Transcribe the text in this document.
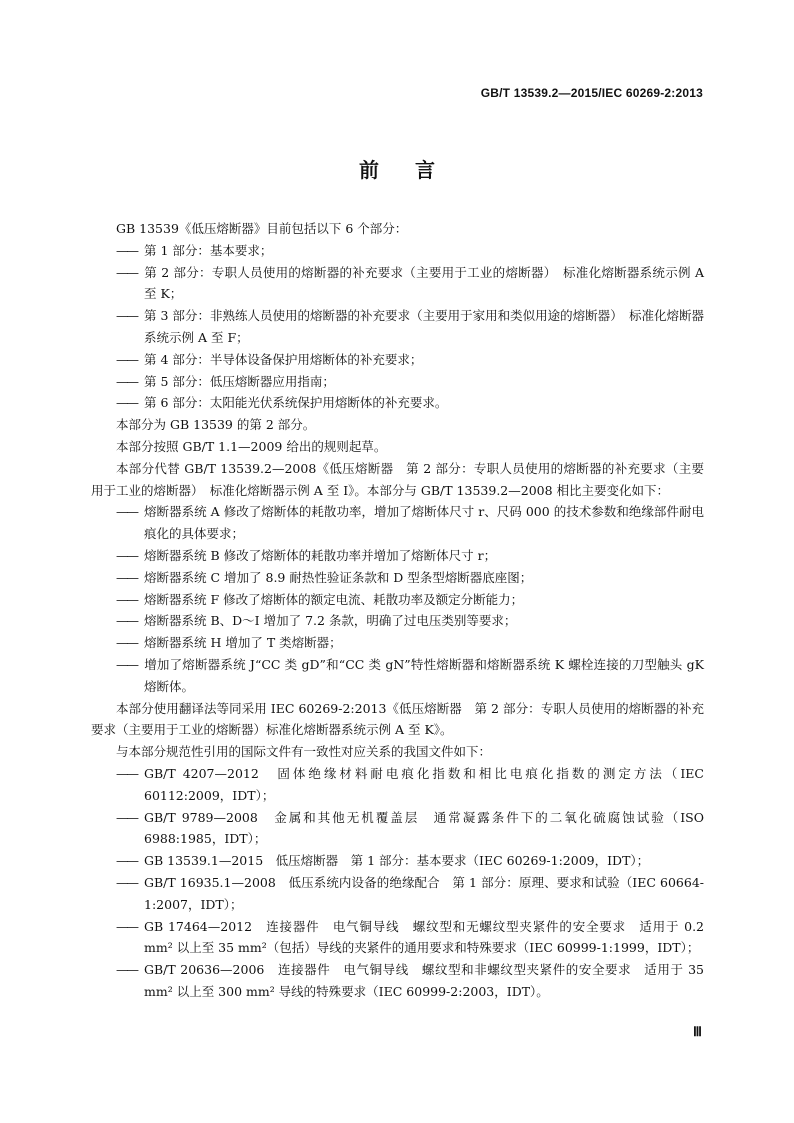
GB/T 13539.2—2015/IEC 60269-2:2013
前言

GB 13539《低压熔断器》目前包括以下 6 个部分：

—— 第 1 部分：基本要求；

—— 第 2 部分：专职人员使用的熔断器的补充要求（主要用于工业的熔断器）　标准化熔断器系统示例 A 至 K；

—— 第 3 部分：非熟练人员使用的熔断器的补充要求（主要用于家用和类似用途的熔断器）　标准化熔断器系统示例 A 至 F；

—— 第 4 部分：半导体设备保护用熔断体的补充要求；

—— 第 5 部分：低压熔断器应用指南；

—— 第 6 部分：太阳能光伏系统保护用熔断体的补充要求。

本部分为 GB 13539 的第 2 部分。

本部分按照 GB/T 1.1—2009 给出的规则起草。

本部分代替 GB/T 13539.2—2008《低压熔断器　第 2 部分：专职人员使用的熔断器的补充要求（主要用于工业的熔断器）　标准化熔断器示例 A 至 I》。本部分与 GB/T 13539.2—2008 相比主要变化如下：

—— 熔断器系统 A 修改了熔断体的耗散功率，增加了熔断体尺寸 r、尺码 000 的技术参数和绝缘部件耐电痕化的具体要求；

—— 熔断器系统 B 修改了熔断体的耗散功率并增加了熔断体尺寸 r；

—— 熔断器系统 C 增加了 8.9 耐热性验证条款和 D 型条型熔断器底座图；

—— 熔断器系统 F 修改了熔断体的额定电流、耗散功率及额定分断能力；

—— 熔断器系统 B、D～I 增加了 7.2 条款，明确了过电压类别等要求；

—— 熔断器系统 H 增加了 T 类熔断器；

—— 增加了熔断器系统 J“CC 类 gD”和“CC 类 gN”特性熔断器和熔断器系统 K 螺栓连接的刀型触头 gK 熔断体。

本部分使用翻译法等同采用 IEC 60269-2:2013《低压熔断器　第 2 部分：专职人员使用的熔断器的补充要求（主要用于工业的熔断器）标准化熔断器系统示例 A 至 K》。

与本部分规范性引用的国际文件有一致性对应关系的我国文件如下：

—— GB/T 4207—2012　固体绝缘材料耐电痕化指数和相比电痕化指数的测定方法（IEC 60112:2009，IDT）；

—— GB/T 9789—2008　金属和其他无机覆盖层　通常凝露条件下的二氧化硫腐蚀试验（ISO 6988:1985，IDT）；

—— GB 13539.1—2015　低压熔断器　第 1 部分：基本要求（IEC 60269-1:2009，IDT）；

—— GB/T 16935.1—2008　低压系统内设备的绝缘配合　第 1 部分：原理、要求和试验（IEC 60664-1:2007，IDT）；

—— GB 17464—2012　连接器件　电气铜导线　螺纹型和无螺纹型夹紧件的安全要求　适用于 0.2 mm² 以上至 35 mm²（包括）导线的夹紧件的通用要求和特殊要求（IEC 60999-1:1999，IDT）；

—— GB/T 20636—2006　连接器件　电气铜导线　螺纹型和非螺纹型夹紧件的安全要求　适用于 35 mm² 以上至 300 mm² 导线的特殊要求（IEC 60999-2:2003，IDT）。

Ⅲ
